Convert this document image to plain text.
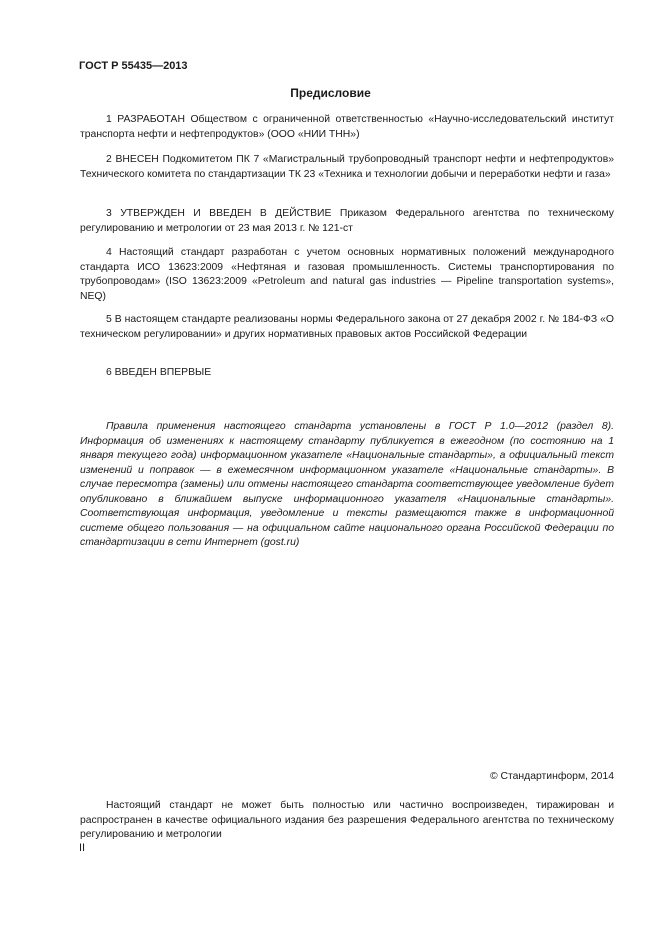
ГОСТ Р 55435—2013
Предисловие

1 РАЗРАБОТАН Обществом с ограниченной ответственностью «Научно-исследовательский институт транспорта нефти и нефтепродуктов» (ООО «НИИ ТНН»)

2 ВНЕСЕН Подкомитетом ПК 7 «Магистральный трубопроводный транспорт нефти и нефтепродуктов» Технического комитета по стандартизации ТК 23 «Техника и технологии добычи и переработки нефти и газа»

3 УТВЕРЖДЕН И ВВЕДЕН В ДЕЙСТВИЕ Приказом Федерального агентства по техническому регулированию и метрологии от 23 мая 2013 г. № 121-ст

4 Настоящий стандарт разработан с учетом основных нормативных положений международного стандарта ИСО 13623:2009 «Нефтяная и газовая промышленность. Системы транспортирования по трубопроводам» (ISO 13623:2009 «Petroleum and natural gas industries — Pipeline transportation systems», NEQ)

5 В настоящем стандарте реализованы нормы Федерального закона от 27 декабря 2002 г. № 184-ФЗ «О техническом регулировании» и других нормативных правовых актов Российской Федерации

6 ВВЕДЕН ВПЕРВЫЕ

Правила применения настоящего стандарта установлены в ГОСТ Р 1.0—2012 (раздел 8). Информация об изменениях к настоящему стандарту публикуется в ежегодном (по состоянию на 1 января текущего года) информационном указателе «Национальные стандарты», а официальный текст изменений и поправок — в ежемесячном информационном указателе «Национальные стандарты». В случае пересмотра (замены) или отмены настоящего стандарта соответствующее уведомление будет опубликовано в ближайшем выпуске информационного указателя «Национальные стандарты». Соответствующая информация, уведомление и тексты размещаются также в информационной системе общего пользования — на официальном сайте национального органа Российской Федерации по стандартизации в сети Интернет (gost.ru)

© Стандартинформ, 2014

Настоящий стандарт не может быть полностью или частично воспроизведен, тиражирован и распространен в качестве официального издания без разрешения Федерального агентства по техническому регулированию и метрологии

II
